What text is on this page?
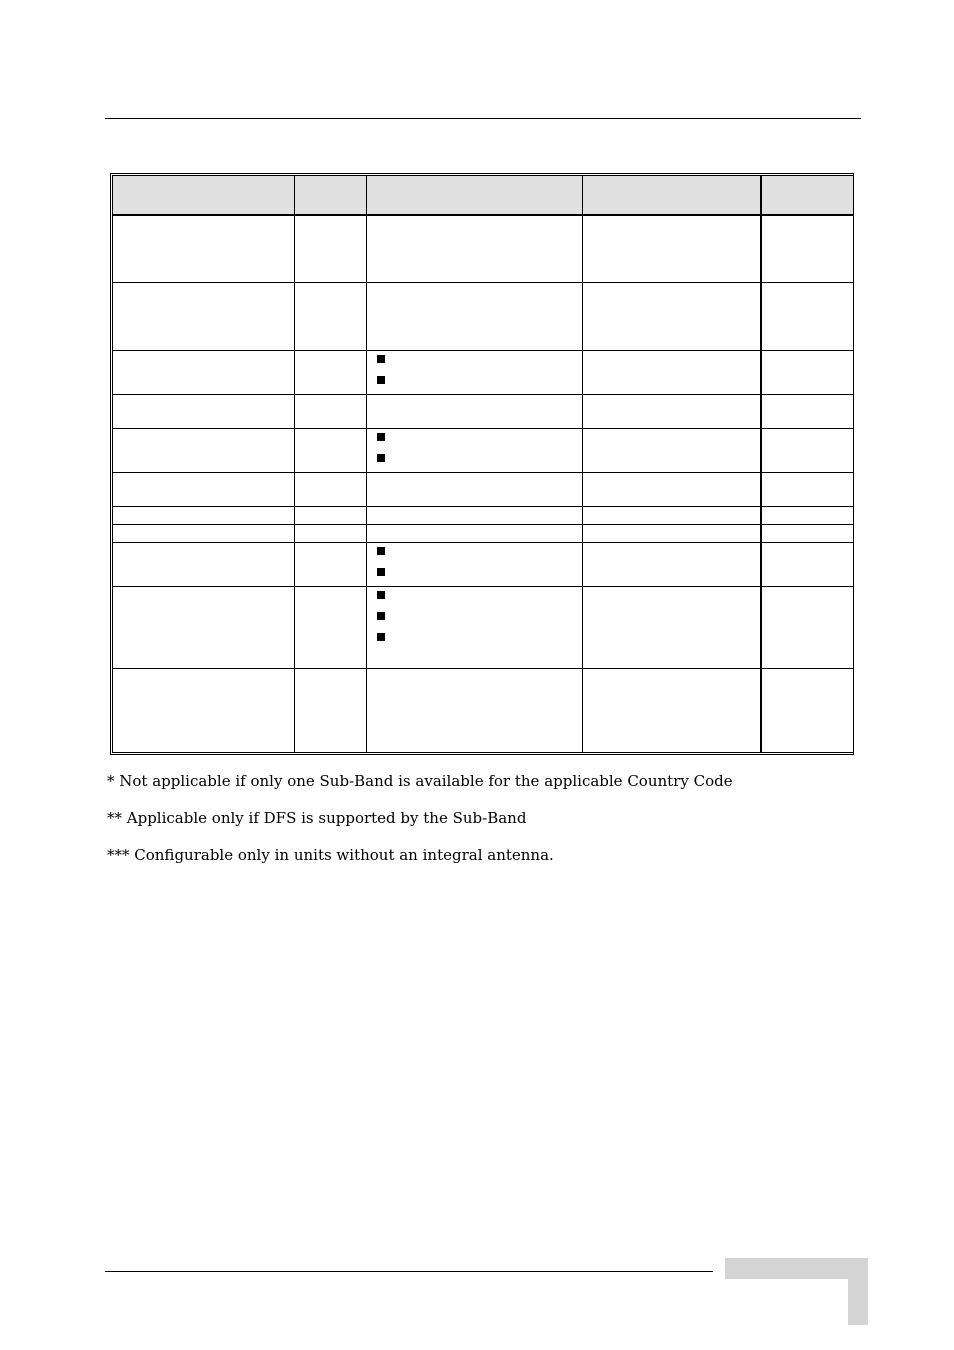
* Not applicable if only one Sub-Band is available for the applicable Country Code
** Applicable only if DFS is supported by the Sub-Band
*** Configurable only in units without an integral antenna.
